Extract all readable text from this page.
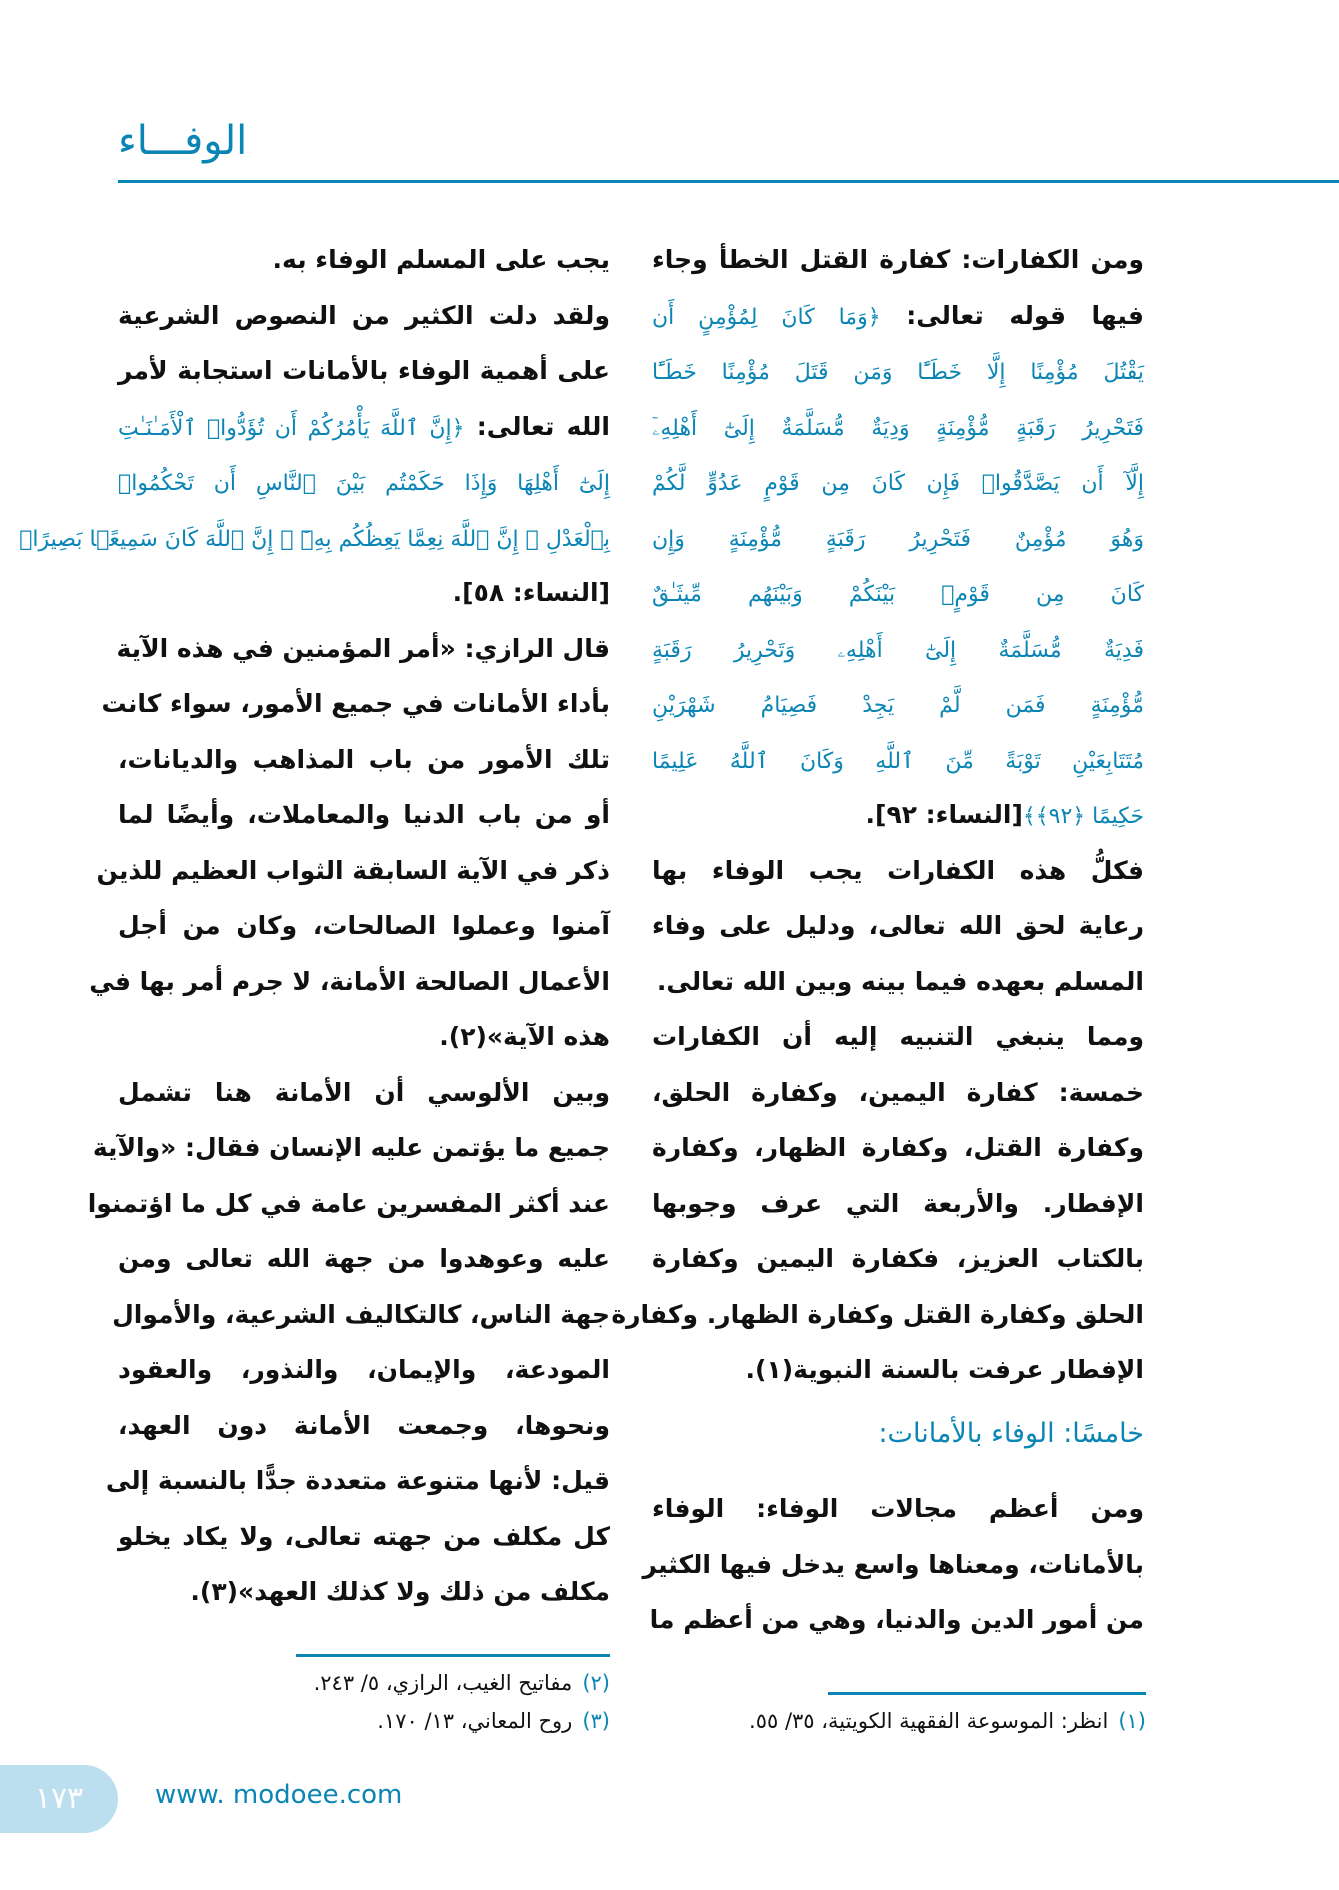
الوفـــاء
ومن الكفارات: كفارة القتل الخطأ وجاء
فيها قوله تعالى: ﴿وَمَا كَانَ لِمُؤْمِنٍ أَن
يَقْتُلَ مُؤْمِنًا إِلَّا خَطَـًٔا وَمَن قَتَلَ مُؤْمِنًا خَطَـًٔا
فَتَحْرِيرُ رَقَبَةٍ مُّؤْمِنَةٍ وَدِيَةٌ مُّسَلَّمَةٌ إِلَىٰٓ أَهْلِهِۦٓ
إِلَّآ أَن يَصَّدَّقُوا۟ فَإِن كَانَ مِن قَوْمٍ عَدُوٍّ لَّكُمْ
وَهُوَ مُؤْمِنٌ فَتَحْرِيرُ رَقَبَةٍ مُّؤْمِنَةٍ وَإِن
كَانَ مِن قَوْمٍۭ بَيْنَكُمْ وَبَيْنَهُم مِّيثَـٰقٌ
فَدِيَةٌ مُّسَلَّمَةٌ إِلَىٰٓ أَهْلِهِۦ وَتَحْرِيرُ رَقَبَةٍ
مُّؤْمِنَةٍ فَمَن لَّمْ يَجِدْ فَصِيَامُ شَهْرَيْنِ
مُتَتَابِعَيْنِ تَوْبَةً مِّنَ ٱللَّهِ وَكَانَ ٱللَّهُ عَلِيمًا
حَكِيمًا ﴿٩٢﴾﴾[النساء: ٩٢].
فكلُّ هذه الكفارات يجب الوفاء بها
رعاية لحق الله تعالى، ودليل على وفاء
المسلم بعهده فيما بينه وبين الله تعالى.
ومما ينبغي التنبيه إليه أن الكفارات
خمسة: كفارة اليمين، وكفارة الحلق،
وكفارة القتل، وكفارة الظهار، وكفارة
الإفطار. والأربعة التي عرف وجوبها
بالكتاب العزيز، فكفارة اليمين وكفارة
الحلق وكفارة القتل وكفارة الظهار. وكفارة
الإفطار عرفت بالسنة النبوية(١).
خامسًا: الوفاء بالأمانات:
ومن أعظم مجالات الوفاء: الوفاء
بالأمانات، ومعناها واسع يدخل فيها الكثير
من أمور الدين والدنيا، وهي من أعظم ما
يجب على المسلم الوفاء به.
ولقد دلت الكثير من النصوص الشرعية
على أهمية الوفاء بالأمانات استجابة لأمر
الله تعالى: ﴿إِنَّ ٱللَّهَ يَأْمُرُكُمْ أَن تُؤَدُّوا۟ ٱلْأَمَـٰنَـٰتِ
إِلَىٰٓ أَهْلِهَا وَإِذَا حَكَمْتُم بَيْنَ ٱلنَّاسِ أَن تَحْكُمُوا۟
بِٱلْعَدْلِ ۚ إِنَّ ٱللَّهَ نِعِمَّا يَعِظُكُم بِهِۦٓ ۗ إِنَّ ٱللَّهَ كَانَ سَمِيعًۢا بَصِيرًا﴾
[النساء: ٥٨].
قال الرازي: «أمر المؤمنين في هذه الآية
بأداء الأمانات في جميع الأمور، سواء كانت
تلك الأمور من باب المذاهب والديانات،
أو من باب الدنيا والمعاملات، وأيضًا لما
ذكر في الآية السابقة الثواب العظيم للذين
آمنوا وعملوا الصالحات، وكان من أجل
الأعمال الصالحة الأمانة، لا جرم أمر بها في
هذه الآية»(٢).
وبين الألوسي أن الأمانة هنا تشمل
جميع ما يؤتمن عليه الإنسان فقال: «والآية
عند أكثر المفسرين عامة في كل ما اؤتمنوا
عليه وعوهدوا من جهة الله تعالى ومن
جهة الناس، كالتكاليف الشرعية، والأموال
المودعة، والإيمان، والنذور، والعقود
ونحوها، وجمعت الأمانة دون العهد،
قيل: لأنها متنوعة متعددة جدًّا بالنسبة إلى
كل مكلف من جهته تعالى، ولا يكاد يخلو
مكلف من ذلك ولا كذلك العهد»(٣).
(١)انظر: الموسوعة الفقهية الكويتية، ٣٥/ ٥٥.
(٢)مفاتيح الغيب، الرازي، ٥/ ٢٤٣.
(٣)روح المعاني، ١٣/ ١٧٠.
١٧٣	www. modoee.com
